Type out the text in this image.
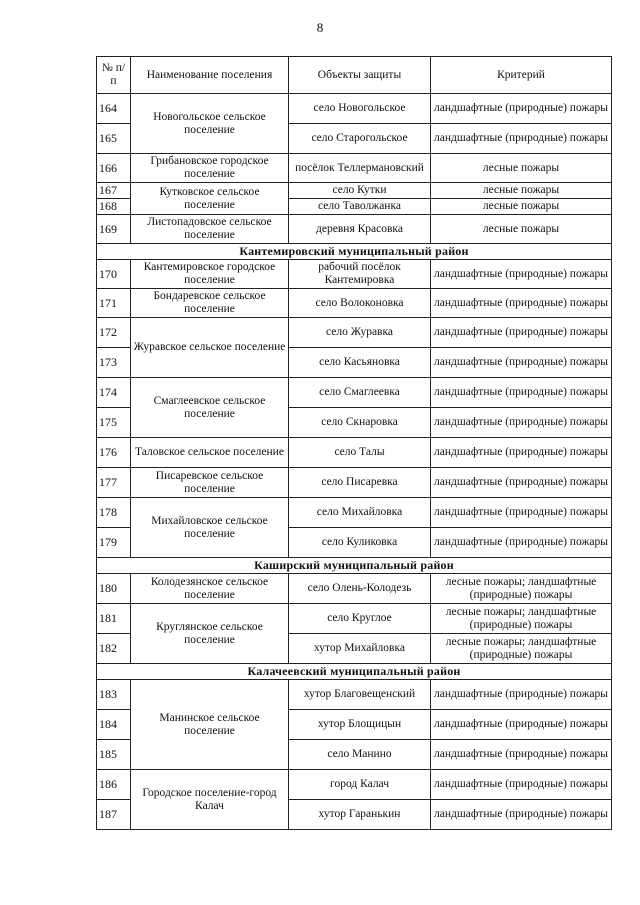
8
№ п/п	Наименование поселения	Объекты защиты	Критерий
164	Новогольское сельское поселение	село Новогольское	ландшафтные (природные) пожары
165		село Старогольское	ландшафтные (природные) пожары
166	Грибановское городское поселение	посёлок Теллермановский	лесные пожары
167	Кутковское сельское поселение	село Кутки	лесные пожары
168		село Таволжанка	лесные пожары
169	Листопадовское сельское поселение	деревня Красовка	лесные пожары
Кантемировский муниципальный район			
170	Кантемировское городское поселение	рабочий посёлок Кантемировка	ландшафтные (природные) пожары
171	Бондаревское сельское поселение	село Волоконовка	ландшафтные (природные) пожары
172	Журавское сельское поселение	село Журавка	ландшафтные (природные) пожары
173		село Касьяновка	ландшафтные (природные) пожары
174	Смаглеевское сельское поселение	село Смаглеевка	ландшафтные (природные) пожары
175		село Скнаровка	ландшафтные (природные) пожары
176	Таловское сельское поселение	село Талы	ландшафтные (природные) пожары
177	Писаревское сельское поселение	село Писаревка	ландшафтные (природные) пожары
178	Михайловское сельское поселение	село Михайловка	ландшафтные (природные) пожары
179		село Куликовка	ландшафтные (природные) пожары
Каширский муниципальный район			
180	Колодезянское сельское поселение	село Олень-Колодезь	лесные пожары; ландшафтные (природные) пожары
181	Круглянское сельское поселение	село Круглое	лесные пожары; ландшафтные (природные) пожары
182		хутор Михайловка	лесные пожары; ландшафтные (природные) пожары
Калачеевский муниципальный район			
183	Манинское сельское поселение	хутор Благовещенский	ландшафтные (природные) пожары
184		хутор Блощицын	ландшафтные (природные) пожары
185		село Манино	ландшафтные (природные) пожары
186	Городское поселение-город Калач	город Калач	ландшафтные (природные) пожары
187		хутор Гаранькин	ландшафтные (природные) пожары
